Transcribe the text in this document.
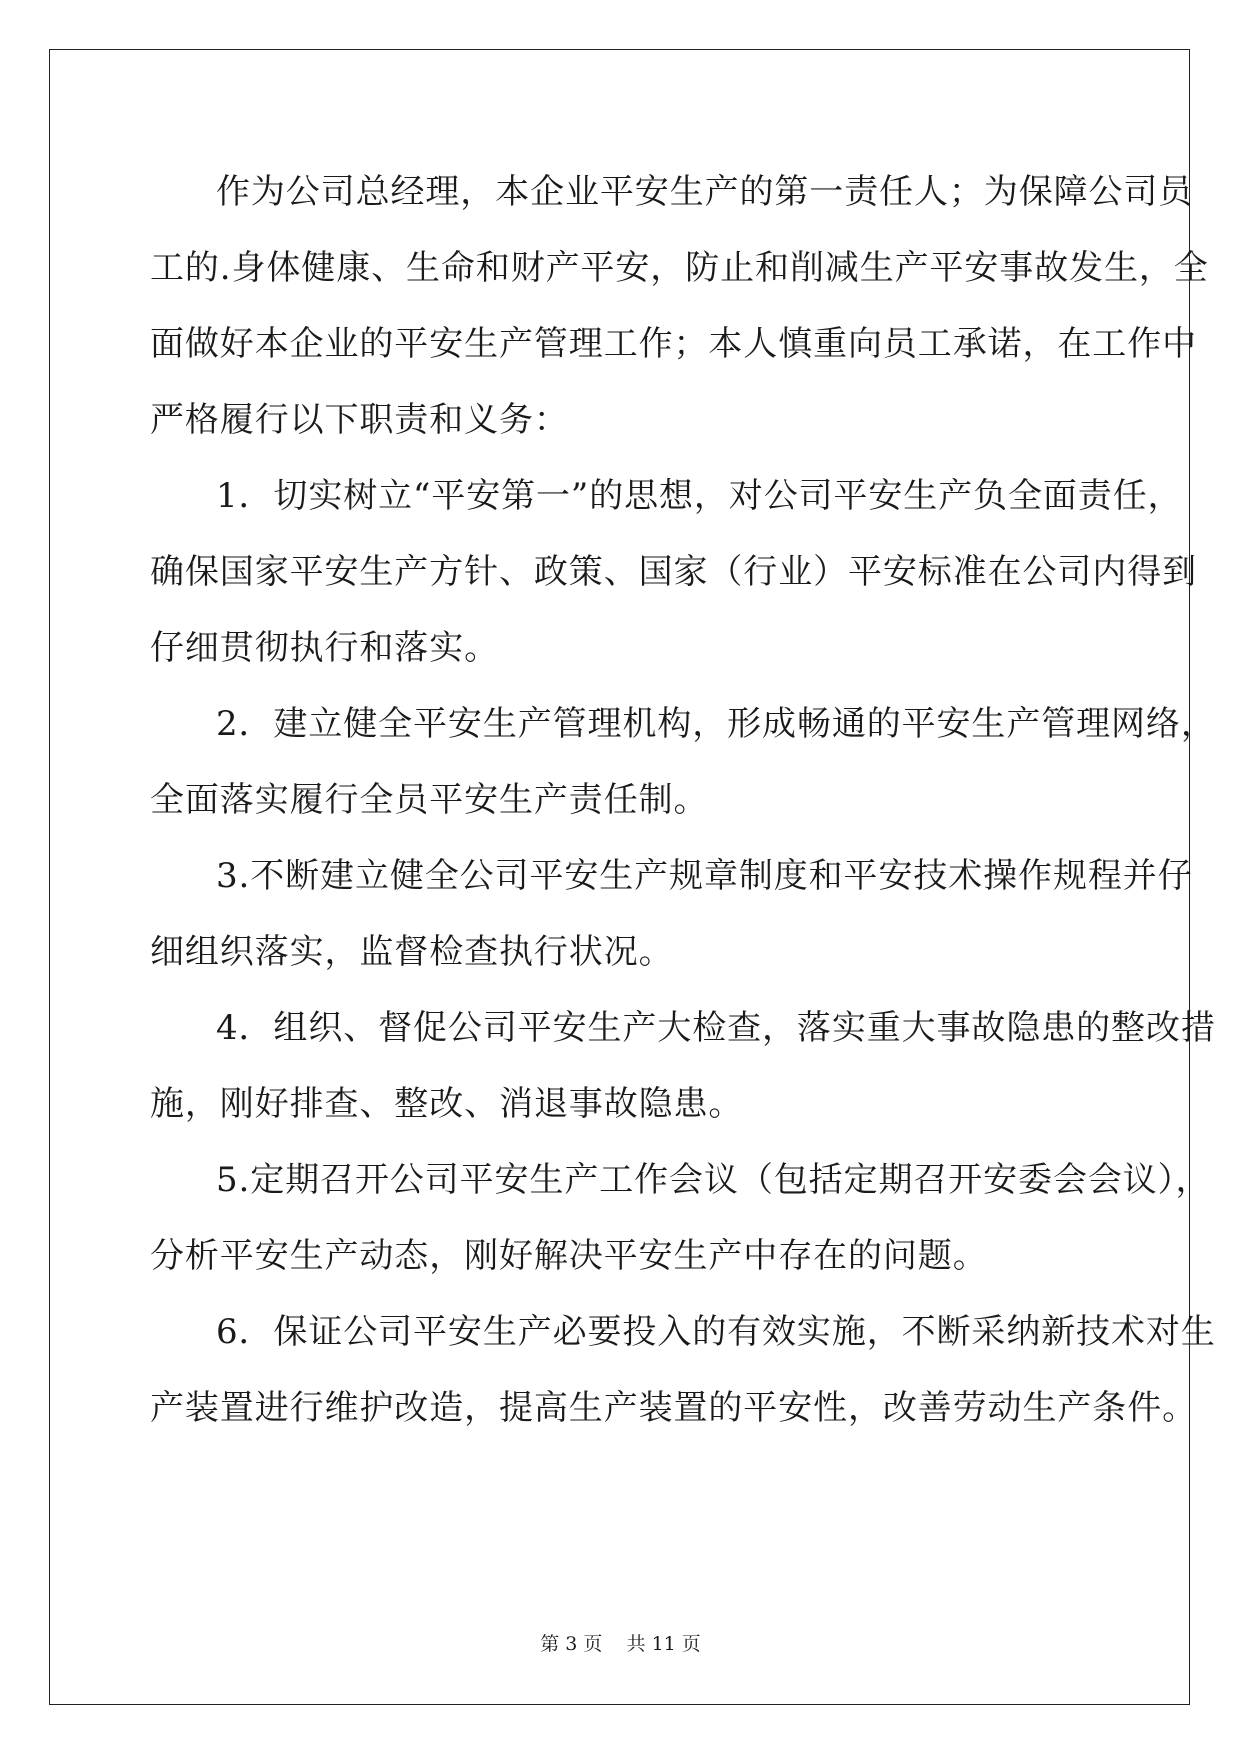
作为公司总经理，本企业平安生产的第一责任人；为保障公司员
工的.身体健康、生命和财产平安，防止和削减生产平安事故发生，全
面做好本企业的平安生产管理工作；本人慎重向员工承诺，在工作中
严格履行以下职责和义务：
1．切实树立“平安第一”的思想，对公司平安生产负全面责任，
确保国家平安生产方针、政策、国家（行业）平安标准在公司内得到
仔细贯彻执行和落实。
2．建立健全平安生产管理机构，形成畅通的平安生产管理网络，
全面落实履行全员平安生产责任制。
3.不断建立健全公司平安生产规章制度和平安技术操作规程并仔
细组织落实，监督检查执行状况。
4．组织、督促公司平安生产大检查，落实重大事故隐患的整改措
施，刚好排查、整改、消退事故隐患。
5.定期召开公司平安生产工作会议（包括定期召开安委会会议），
分析平安生产动态，刚好解决平安生产中存在的问题。
6．保证公司平安生产必要投入的有效实施，不断采纳新技术对生
产装置进行维护改造，提高生产装置的平安性，改善劳动生产条件。
第 3 页    共 11 页
